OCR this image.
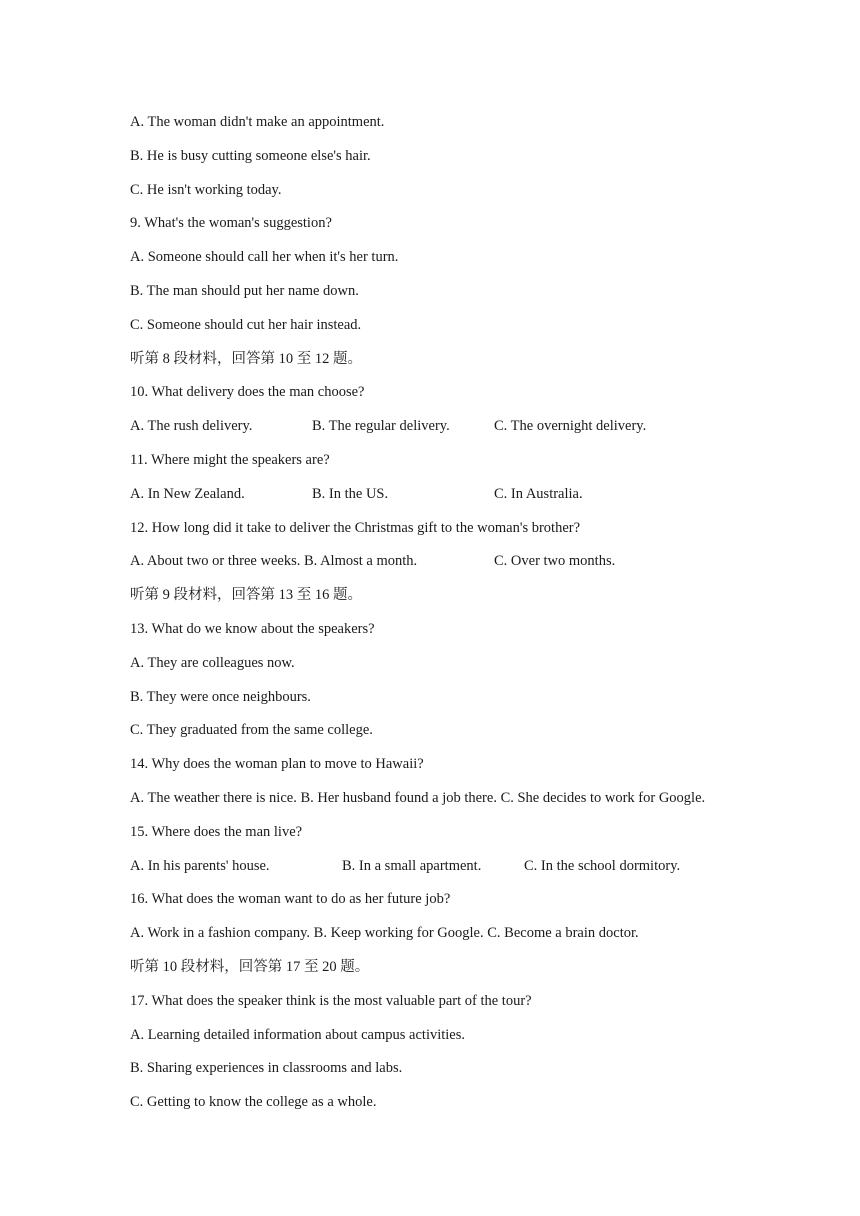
A. The woman didn't make an appointment.
B. He is busy cutting someone else's hair.
C. He isn't working today.
9. What's the woman's suggestion?
A. Someone should call her when it's her turn.
B. The man should put her name down.
C. Someone should cut her hair instead.
听第 8 段材料，回答第 10 至 12 题。
10. What delivery does the man choose?
A. The rush delivery.	B. The regular delivery.	C. The overnight delivery.
11. Where might the speakers are?
A. In New Zealand.	B. In the US.	C. In Australia.
12. How long did it take to deliver the Christmas gift to the woman's brother?
A. About two or three weeks. B. Almost a month.	C. Over two months.
听第 9 段材料，回答第 13 至 16 题。
13. What do we know about the speakers?
A. They are colleagues now.
B. They were once neighbours.
C. They graduated from the same college.
14. Why does the woman plan to move to Hawaii?
A. The weather there is nice. B. Her husband found a job there. C. She decides to work for Google.
15. Where does the man live?
A. In his parents' house.	B. In a small apartment.	C. In the school dormitory.
16. What does the woman want to do as her future job?
A. Work in a fashion company. B. Keep working for Google. C. Become a brain doctor.
听第 10 段材料，回答第 17 至 20 题。
17. What does the speaker think is the most valuable part of the tour?
A. Learning detailed information about campus activities.
B. Sharing experiences in classrooms and labs.
C. Getting to know the college as a whole.
